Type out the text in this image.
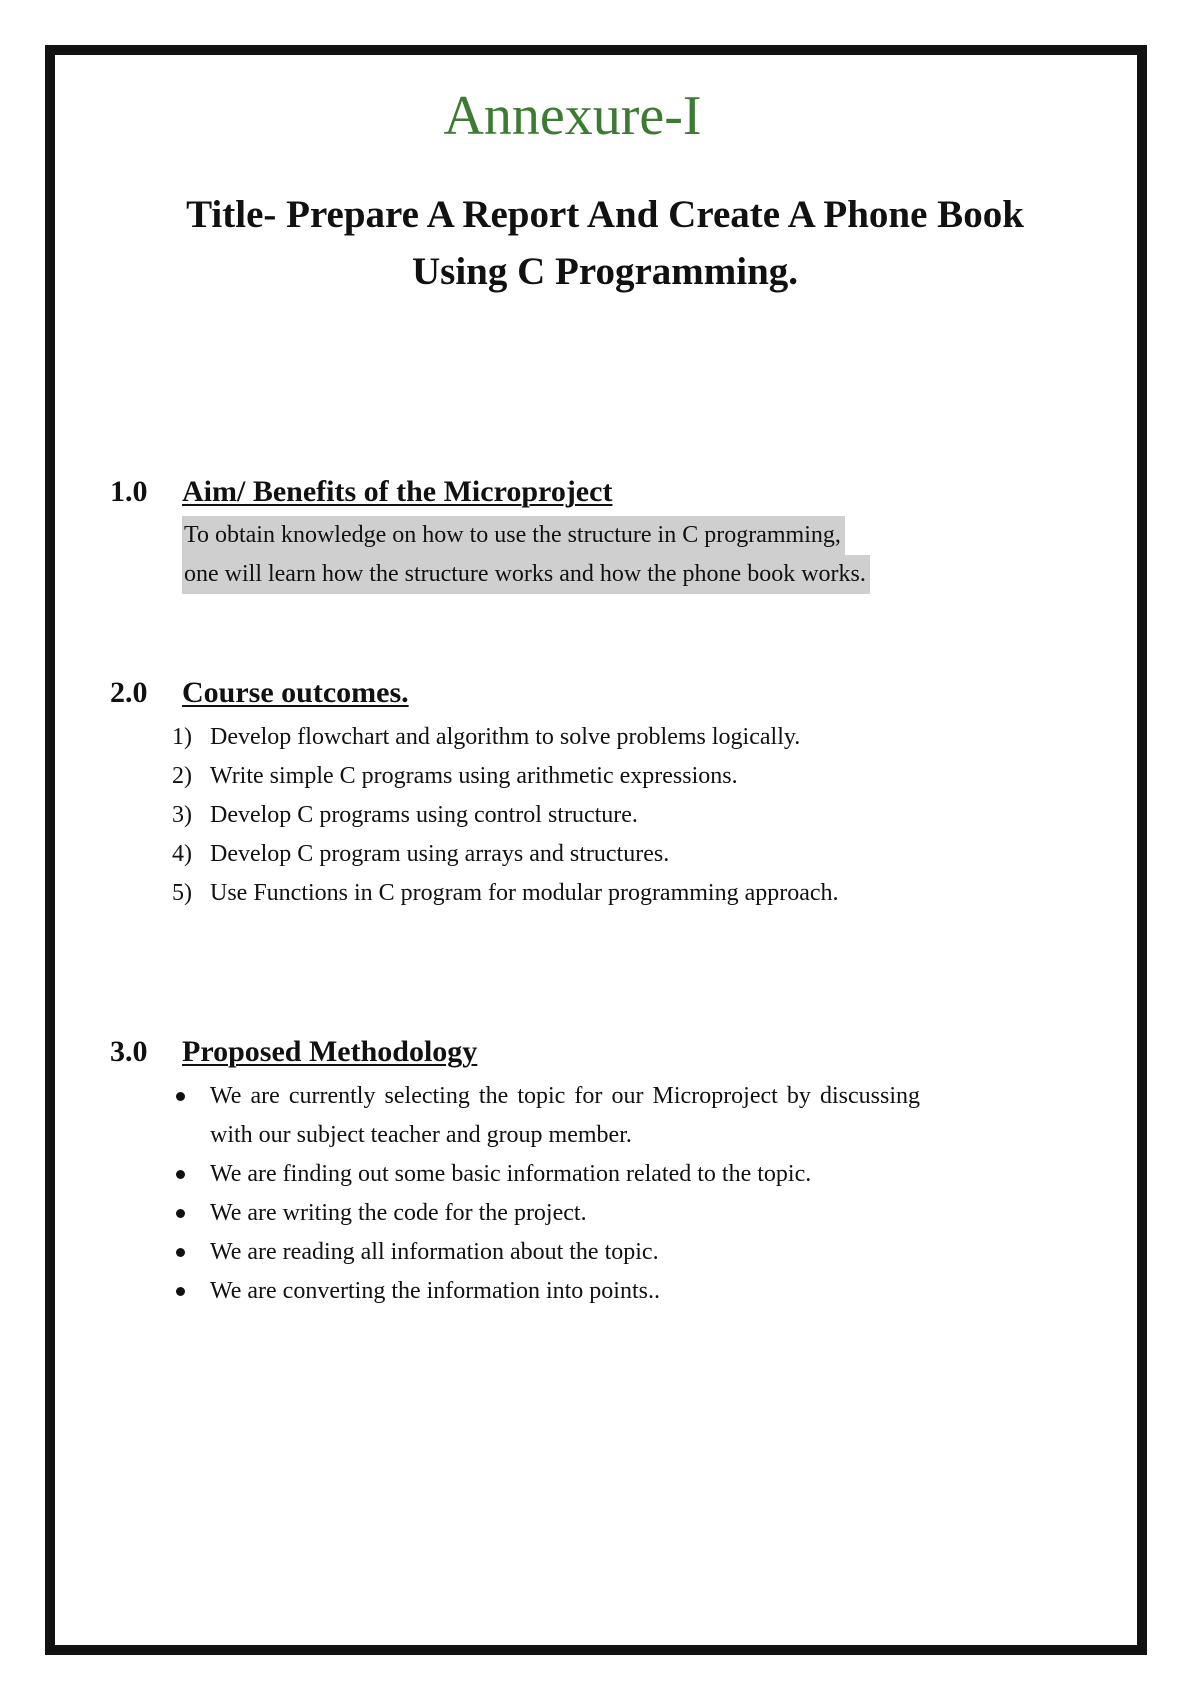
Annexure-I
Title- Prepare A Report And Create A Phone Book
Using C Programming.
1.0 Aim/ Benefits of the Microproject
To obtain knowledge on how to use the structure in C programming,
one will learn how the structure works and how the phone book works.
2.0 Course outcomes.
1) Develop flowchart and algorithm to solve problems logically.
2) Write simple C programs using arithmetic expressions.
3) Develop C programs using control structure.
4) Develop C program using arrays and structures.
5) Use Functions in C program for modular programming approach.
3.0 Proposed Methodology
We are currently selecting the topic for our Microproject by discussing with our subject teacher and group member.
We are finding out some basic information related to the topic.
We are writing the code for the project.
We are reading all information about the topic.
We are converting the information into points..
